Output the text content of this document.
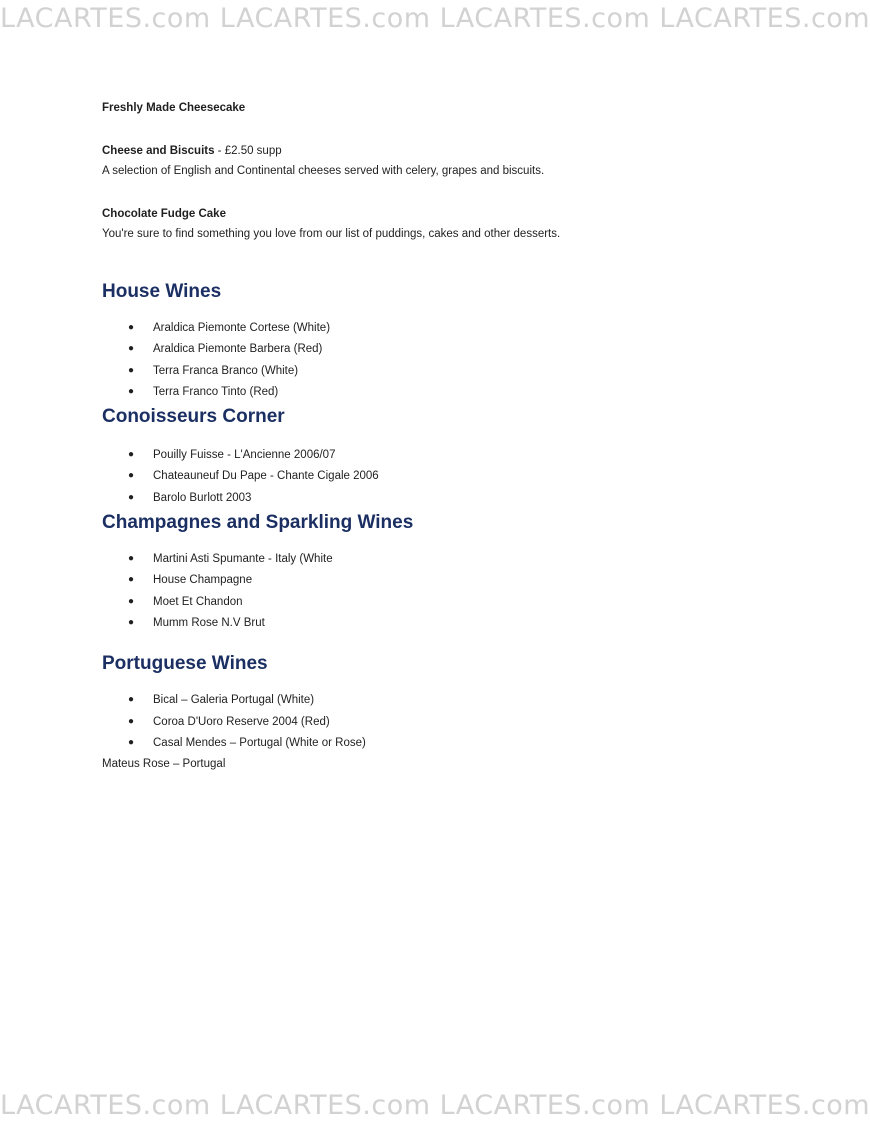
LACARTES.com LACARTES.com LACARTES.com LACARTES.com
Freshly Made Cheesecake
Cheese and Biscuits - £2.50 supp
A selection of English and Continental cheeses served with celery, grapes and biscuits.
Chocolate Fudge Cake
You're sure to find something you love from our list of puddings, cakes and other desserts.
House Wines
● Araldica Piemonte Cortese (White)
● Araldica Piemonte Barbera (Red)
● Terra Franca Branco (White)
● Terra Franco Tinto (Red)
Conoisseurs Corner
● Pouilly Fuisse - L'Ancienne 2006/07
● Chateauneuf Du Pape - Chante Cigale 2006
● Barolo Burlott 2003
Champagnes and Sparkling Wines
● Martini Asti Spumante - Italy (White
● House Champagne
● Moet Et Chandon
● Mumm Rose N.V Brut
Portuguese Wines
● Bical – Galeria Portugal (White)
● Coroa D'Uoro Reserve 2004 (Red)
● Casal Mendes – Portugal (White or Rose)
Mateus Rose – Portugal
LACARTES.com LACARTES.com LACARTES.com LACARTES.com
